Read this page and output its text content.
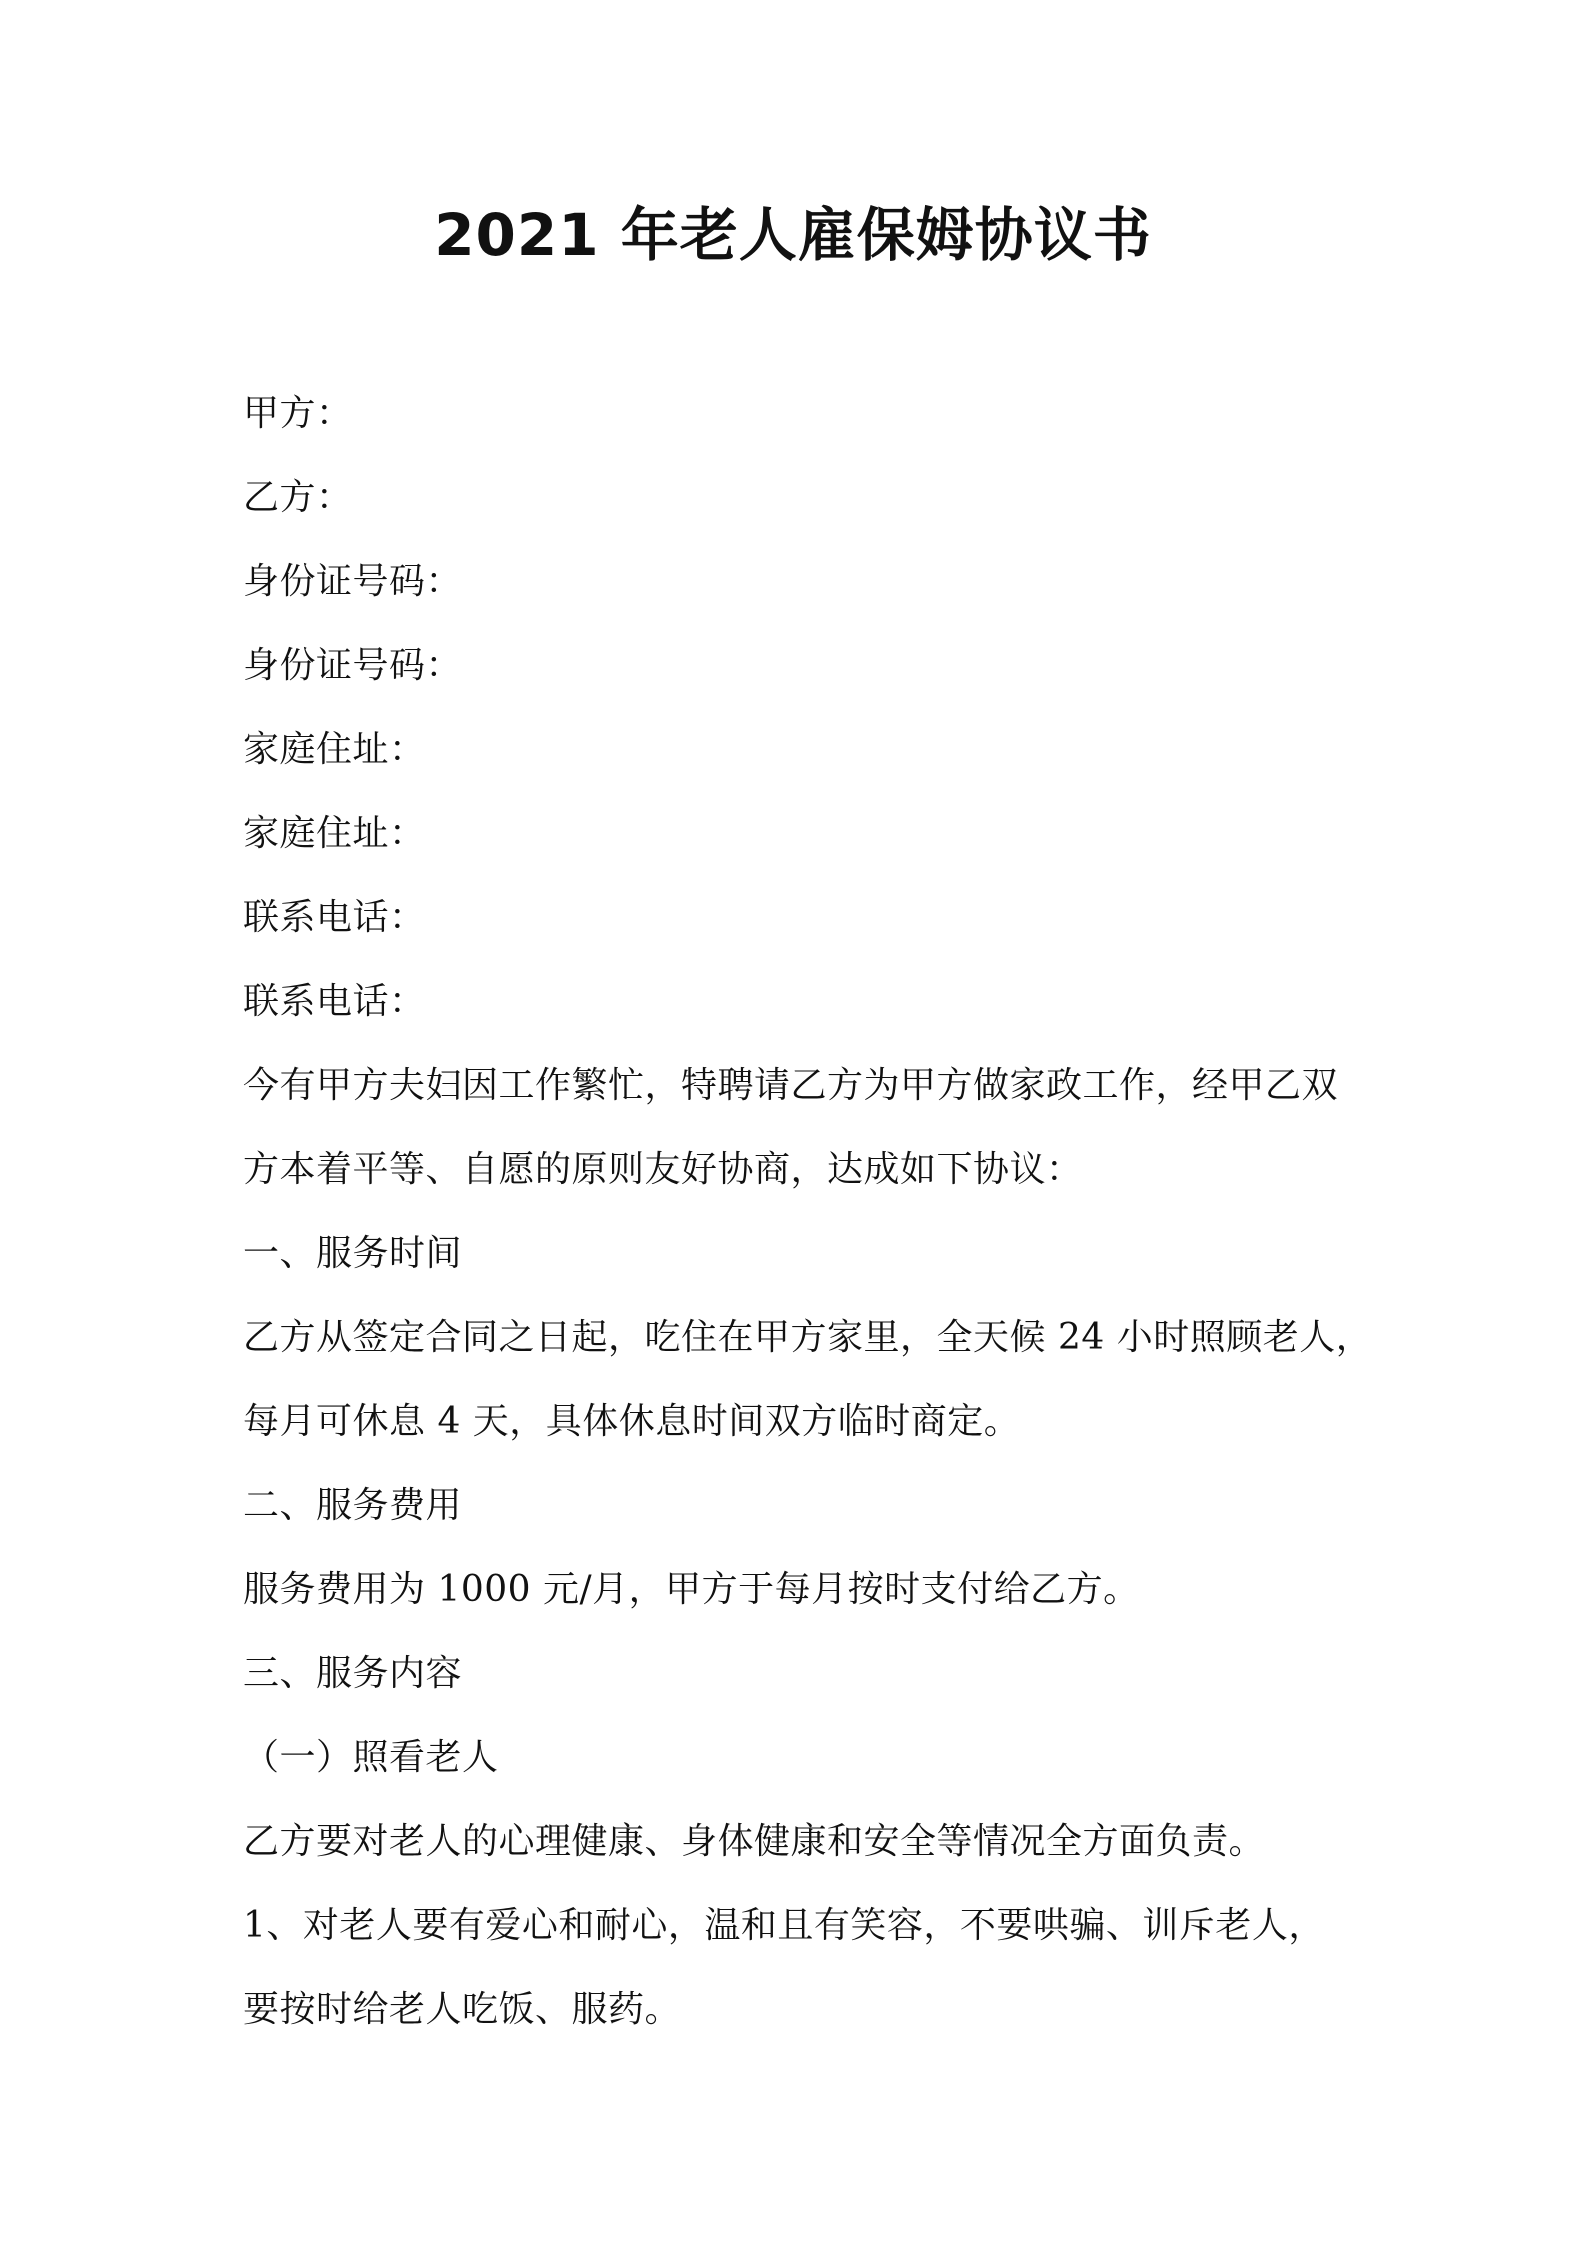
2021 年老人雇保姆协议书

甲方：

乙方：

身份证号码：

身份证号码：

家庭住址：

家庭住址：

联系电话：

联系电话：

今有甲方夫妇因工作繁忙，特聘请乙方为甲方做家政工作，经甲乙双

方本着平等、自愿的原则友好协商，达成如下协议：

一、服务时间

乙方从签定合同之日起，吃住在甲方家里，全天候 24 小时照顾老人，

每月可休息 4 天，具体休息时间双方临时商定。

二、服务费用

服务费用为 1000 元/月，甲方于每月按时支付给乙方。

三、服务内容

（一）照看老人

乙方要对老人的心理健康、身体健康和安全等情况全方面负责。

1、对老人要有爱心和耐心，温和且有笑容，不要哄骗、训斥老人，

要按时给老人吃饭、服药。
